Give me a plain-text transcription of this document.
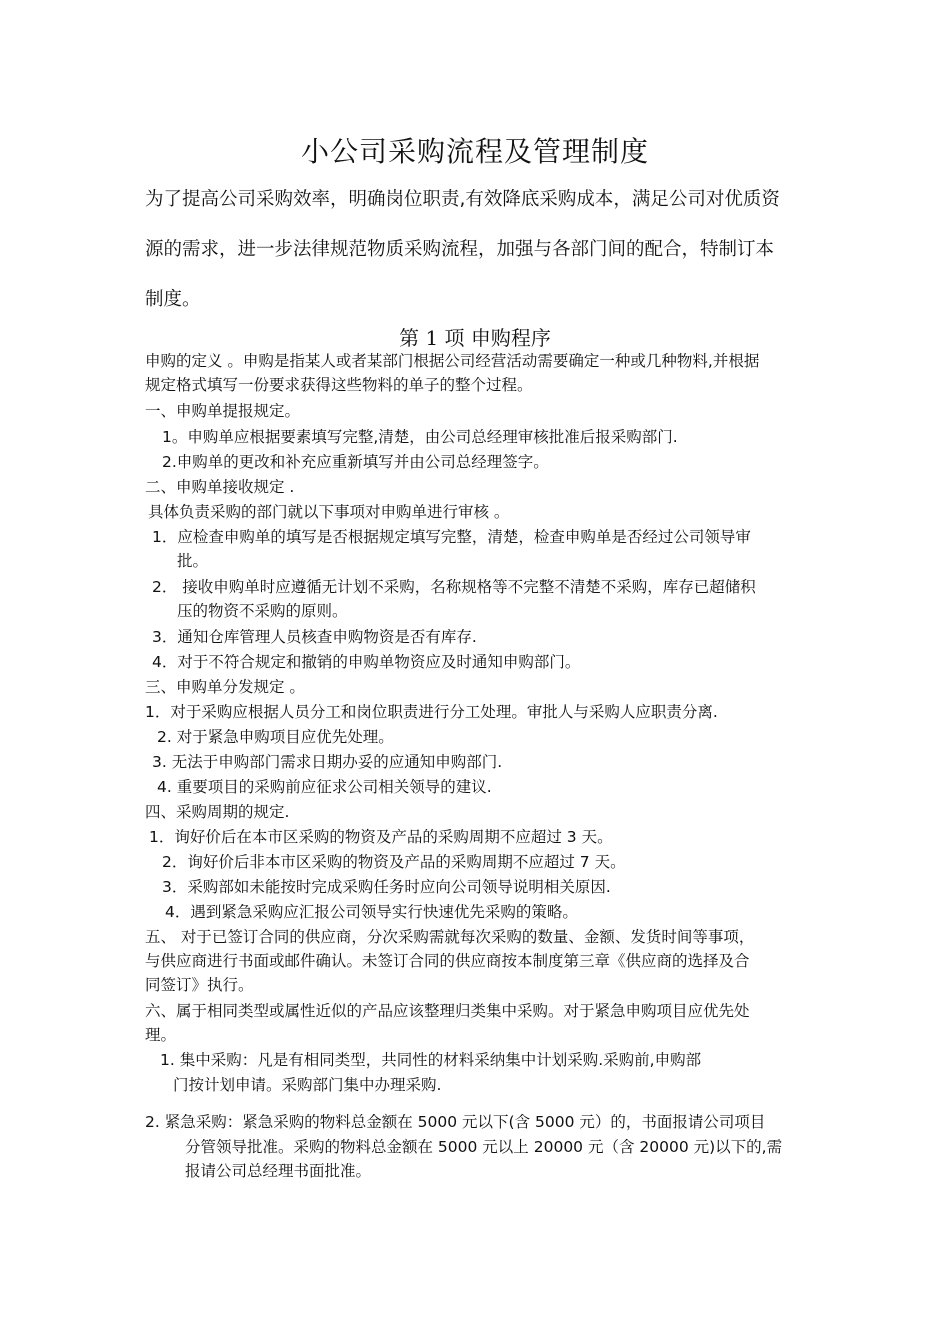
小公司采购流程及管理制度
为了提高公司采购效率，明确岗位职责,有效降底采购成本，满足公司对优质资
源的需求，进一步法律规范物质采购流程，加强与各部门间的配合，特制订本
制度。
第 1 项 申购程序
申购的定义 。申购是指某人或者某部门根据公司经营活动需要确定一种或几种物料,并根据
规定格式填写一份要求获得这些物料的单子的整个过程。
一、申购单提报规定。
1。申购单应根据要素填写完整,清楚，由公司总经理审核批准后报采购部门.
2.申购单的更改和补充应重新填写并由公司总经理签字。
二、申购单接收规定 .
具体负责采购的部门就以下事项对申购单进行审核 。
1．应检查申购单的填写是否根据规定填写完整，清楚，检查申购单是否经过公司领导审
批。
2． 接收申购单时应遵循无计划不采购，名称规格等不完整不清楚不采购，库存已超储积
压的物资不采购的原则。
3．通知仓库管理人员核查申购物资是否有库存.
4．对于不符合规定和撤销的申购单物资应及时通知申购部门。
三、申购单分发规定 。
1．对于采购应根据人员分工和岗位职责进行分工处理。审批人与采购人应职责分离.
2. 对于紧急申购项目应优先处理。
3. 无法于申购部门需求日期办妥的应通知申购部门.
4. 重要项目的采购前应征求公司相关领导的建议.
四、采购周期的规定.
1．询好价后在本市区采购的物资及产品的采购周期不应超过 3 天。
2．询好价后非本市区采购的物资及产品的采购周期不应超过 7 天。
3．采购部如未能按时完成采购任务时应向公司领导说明相关原因.
4．遇到紧急采购应汇报公司领导实行快速优先采购的策略。
五、 对于已签订合同的供应商，分次采购需就每次采购的数量、金额、发货时间等事项，
与供应商进行书面或邮件确认。未签订合同的供应商按本制度第三章《供应商的选择及合
同签订》执行。
六、属于相同类型或属性近似的产品应该整理归类集中采购。对于紧急申购项目应优先处
理。
1. 集中采购：凡是有相同类型，共同性的材料采纳集中计划采购.采购前,申购部
门按计划申请。采购部门集中办理采购.
2. 紧急采购：紧急采购的物料总金额在 5000 元以下(含 5000 元）的，书面报请公司项目
分管领导批准。采购的物料总金额在 5000 元以上 20000 元（含 20000 元)以下的,需
报请公司总经理书面批准。
